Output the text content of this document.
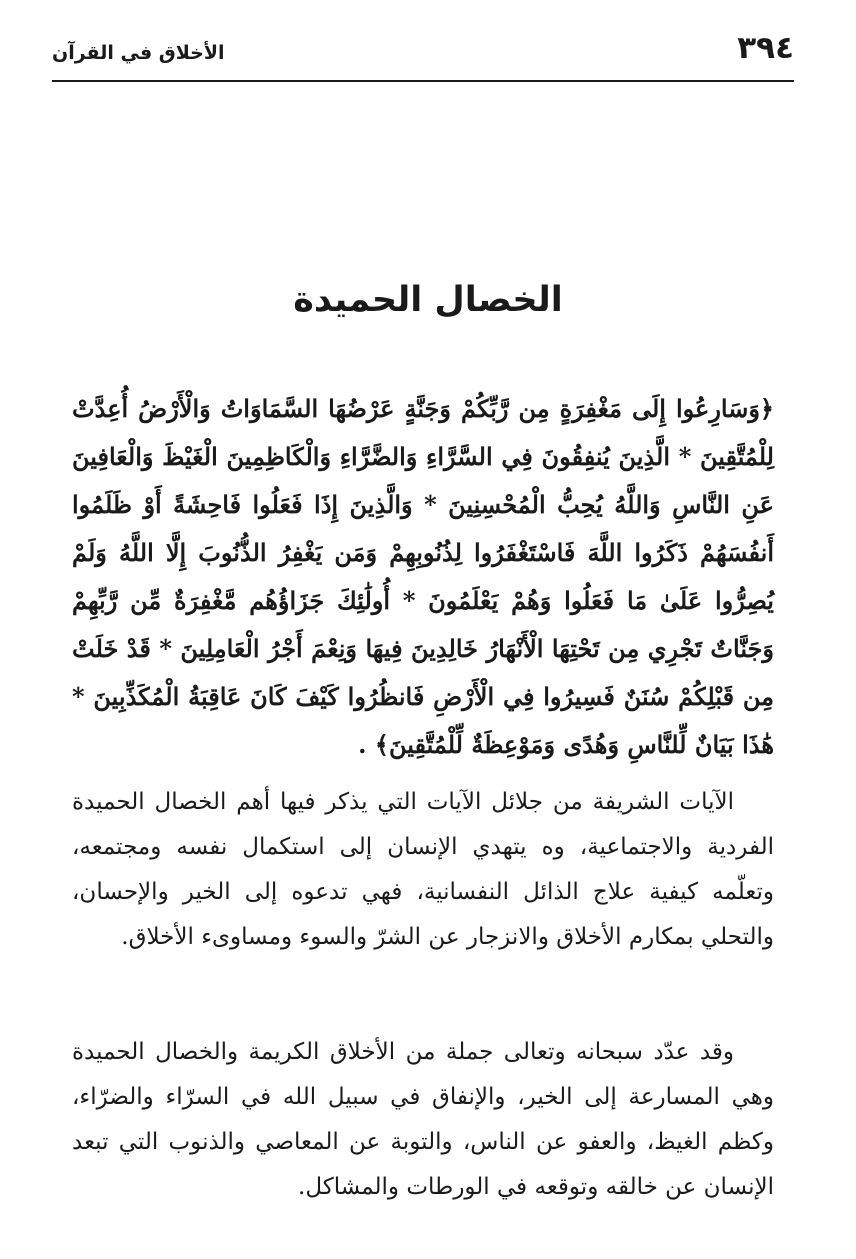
٣٩٤
الأخلاق في القرآن
الخصال الحميدة
﴿وَسَارِعُوا إِلَى مَغْفِرَةٍ مِن رَّبِّكُمْ وَجَنَّةٍ عَرْضُهَا السَّمَاوَاتُ وَالْأَرْضُ أُعِدَّتْ لِلْمُتَّقِينَ * الَّذِينَ يُنفِقُونَ فِي السَّرَّاءِ وَالضَّرَّاءِ وَالْكَاظِمِينَ الْغَيْظَ وَالْعَافِينَ عَنِ النَّاسِ وَاللَّهُ يُحِبُّ الْمُحْسِنِينَ * وَالَّذِينَ إِذَا فَعَلُوا فَاحِشَةً أَوْ ظَلَمُوا أَنفُسَهُمْ ذَكَرُوا اللَّهَ فَاسْتَغْفَرُوا لِذُنُوبِهِمْ وَمَن يَغْفِرُ الذُّنُوبَ إِلَّا اللَّهُ وَلَمْ يُصِرُّوا عَلَىٰ مَا فَعَلُوا وَهُمْ يَعْلَمُونَ * أُولَٰئِكَ جَزَاؤُهُم مَّغْفِرَةٌ مِّن رَّبِّهِمْ وَجَنَّاتٌ تَجْرِي مِن تَحْتِهَا الْأَنْهَارُ خَالِدِينَ فِيهَا وَنِعْمَ أَجْرُ الْعَامِلِينَ * قَدْ خَلَتْ مِن قَبْلِكُمْ سُنَنٌ فَسِيرُوا فِي الْأَرْضِ فَانظُرُوا كَيْفَ كَانَ عَاقِبَةُ الْمُكَذِّبِينَ * هَٰذَا بَيَانٌ لِّلنَّاسِ وَهُدًى وَمَوْعِظَةٌ لِّلْمُتَّقِينَ﴾ .
الآيات الشريفة من جلائل الآيات التي يذكر فيها أهم الخصال الحميدة الفردية والاجتماعية، وه يتهدي الإنسان إلى استكمال نفسه ومجتمعه، وتعلّمه كيفية علاج الذائل النفسانية، فهي تدعوه إلى الخير والإحسان، والتحلي بمكارم الأخلاق والانزجار عن الشرّ والسوء ومساوىء الأخلاق.
وقد عدّد سبحانه وتعالى جملة من الأخلاق الكريمة والخصال الحميدة وهي المسارعة إلى الخير، والإنفاق في سبيل الله في السرّاء والضرّاء، وكظم الغيظ، والعفو عن الناس، والتوبة عن المعاصي والذنوب التي تبعد الإنسان عن خالقه وتوقعه في الورطات والمشاكل.
